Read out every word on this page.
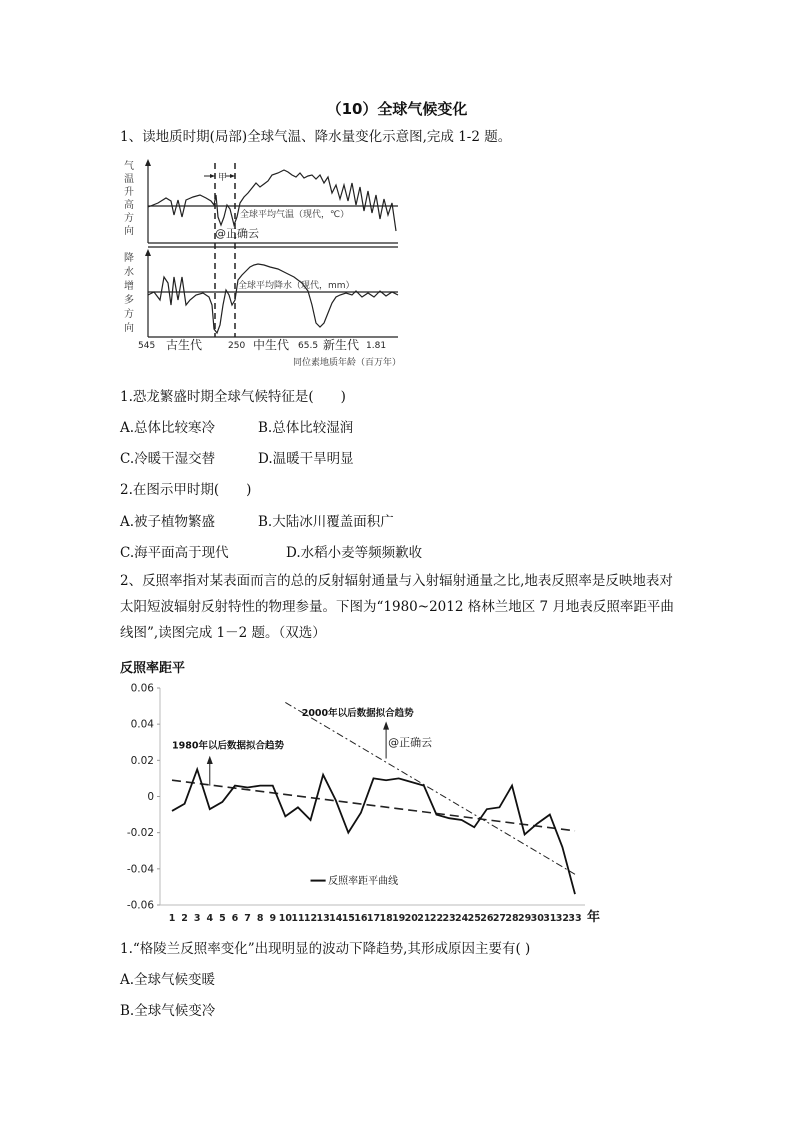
（10）全球气候变化
1、读地质时期(局部)全球气温、降水量变化示意图,完成 1-2 题。
气
温
升
高
方
向
降
水
增
多
方
向
甲
全球平均气温（现代，℃）
全球平均降水（现代，mm）
@正确云
545	250	65.5	1.81
古生代	中生代	新生代
同位素地质年龄（百万年）
1.恐龙繁盛时期全球气候特征是(　　)
A.总体比较寒冷	B.总体比较湿润
C.冷暖干湿交替	D.温暖干旱明显
2.在图示甲时期(　　)
A.被子植物繁盛	B.大陆冰川覆盖面积广
C.海平面高于现代	D.水稻小麦等频频歉收
2、反照率指对某表面而言的总的反射辐射通量与入射辐射通量之比,地表反照率是反映地表对太阳短波辐射反射特性的物理参量。下图为“1980~2012 格林兰地区 7 月地表反照率距平曲线图”,读图完成 1－2 题。（双选）
反照率距平
0.06
0.04
0.02
0
-0.02
-0.04
-0.06
1 2 3 4 5 6 7 8 9 10 11 12 13 14 15 16 17 18 19 20 21 22 23 24 25 26 27 28 29 30 31 32 33 年
1980年以后数据拟合趋势
2000年以后数据拟合趋势
@正确云
反照率距平曲线
1.“格陵兰反照率变化”出现明显的波动下降趋势,其形成原因主要有( )
A.全球气候变暖
B.全球气候变冷
